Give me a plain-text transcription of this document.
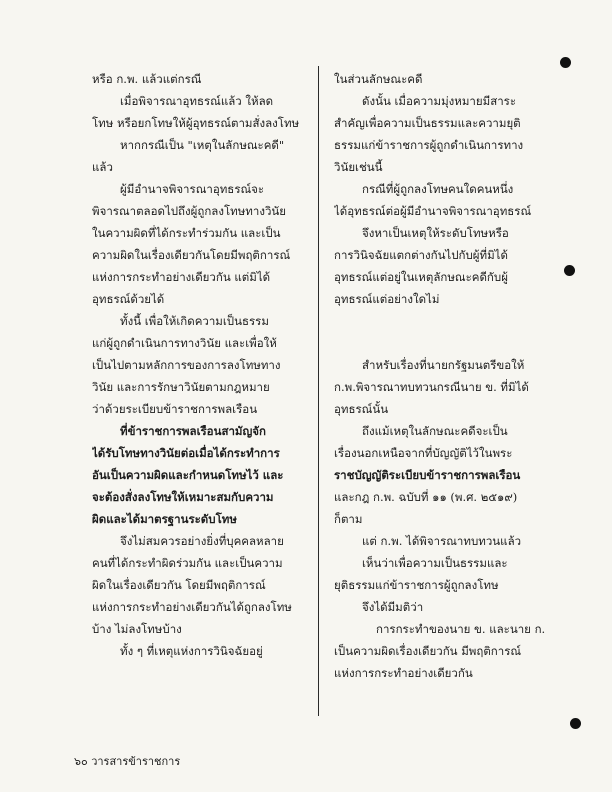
หรือ ก.พ. แล้วแต่กรณี
เมื่อพิจารณาอุทธรณ์แล้ว ให้ลด
โทษ หรือยกโทษให้ผู้อุทธรณ์ตามสั่งลงโทษ
หากกรณีเป็น "เหตุในลักษณะคดี"
แล้ว
ผู้มีอำนาจพิจารณาอุทธรณ์จะ
พิจารณาตลอดไปถึงผู้ถูกลงโทษทางวินัย
ในความผิดที่ได้กระทำร่วมกัน และเป็น
ความผิดในเรื่องเดียวกันโดยมีพฤติการณ์
แห่งการกระทำอย่างเดียวกัน แต่มิได้
อุทธรณ์ด้วยได้
ทั้งนี้ เพื่อให้เกิดความเป็นธรรม
แก่ผู้ถูกดำเนินการทางวินัย และเพื่อให้
เป็นไปตามหลักการของการลงโทษทาง
วินัย และการรักษาวินัยตามกฎหมาย
ว่าด้วยระเบียบข้าราชการพลเรือน
ที่ข้าราชการพลเรือนสามัญจัก
ได้รับโทษทางวินัยต่อเมื่อได้กระทำการ
อันเป็นความผิดและกำหนดโทษไว้ และ
จะต้องสั่งลงโทษให้เหมาะสมกับความ
ผิดและได้มาตรฐานระดับโทษ
จึงไม่สมควรอย่างยิ่งที่บุคคลหลาย
คนที่ได้กระทำผิดร่วมกัน และเป็นความ
ผิดในเรื่องเดียวกัน โดยมีพฤติการณ์
แห่งการกระทำอย่างเดียวกันได้ถูกลงโทษ
บ้าง ไม่ลงโทษบ้าง
ทั้ง ๆ ที่เหตุแห่งการวินิจฉัยอยู่
ในส่วนลักษณะคดี
ดังนั้น เมื่อความมุ่งหมายมีสาระ
สำคัญเพื่อความเป็นธรรมและความยุติ
ธรรมแก่ข้าราชการผู้ถูกดำเนินการทาง
วินัยเช่นนี้
กรณีที่ผู้ถูกลงโทษคนใดคนหนึ่ง
ได้อุทธรณ์ต่อผู้มีอำนาจพิจารณาอุทธรณ์
จึงหาเป็นเหตุให้ระดับโทษหรือ
การวินิจฉัยแตกต่างกันไปกับผู้ที่มิได้
อุทธรณ์แต่อยู่ในเหตุลักษณะคดีกับผู้
อุทธรณ์แต่อย่างใดไม่
สำหรับเรื่องที่นายกรัฐมนตรีขอให้
ก.พ.พิจารณาทบทวนกรณีนาย ข. ที่มิได้
อุทธรณ์นั้น
ถึงแม้เหตุในลักษณะคดีจะเป็น
เรื่องนอกเหนือจากที่บัญญัติไว้ในพระ
ราชบัญญัติระเบียบข้าราชการพลเรือน
และกฎ ก.พ. ฉบับที่ ๑๑ (พ.ศ. ๒๕๑๙)
ก็ตาม
แต่ ก.พ. ได้พิจารณาทบทวนแล้ว
เห็นว่าเพื่อความเป็นธรรมและ
ยุติธรรมแก่ข้าราชการผู้ถูกลงโทษ
จึงได้มีมติว่า
การกระทำของนาย ข. และนาย ก.
เป็นความผิดเรื่องเดียวกัน มีพฤติการณ์
แห่งการกระทำอย่างเดียวกัน
๖๐ วารสารข้าราชการ
